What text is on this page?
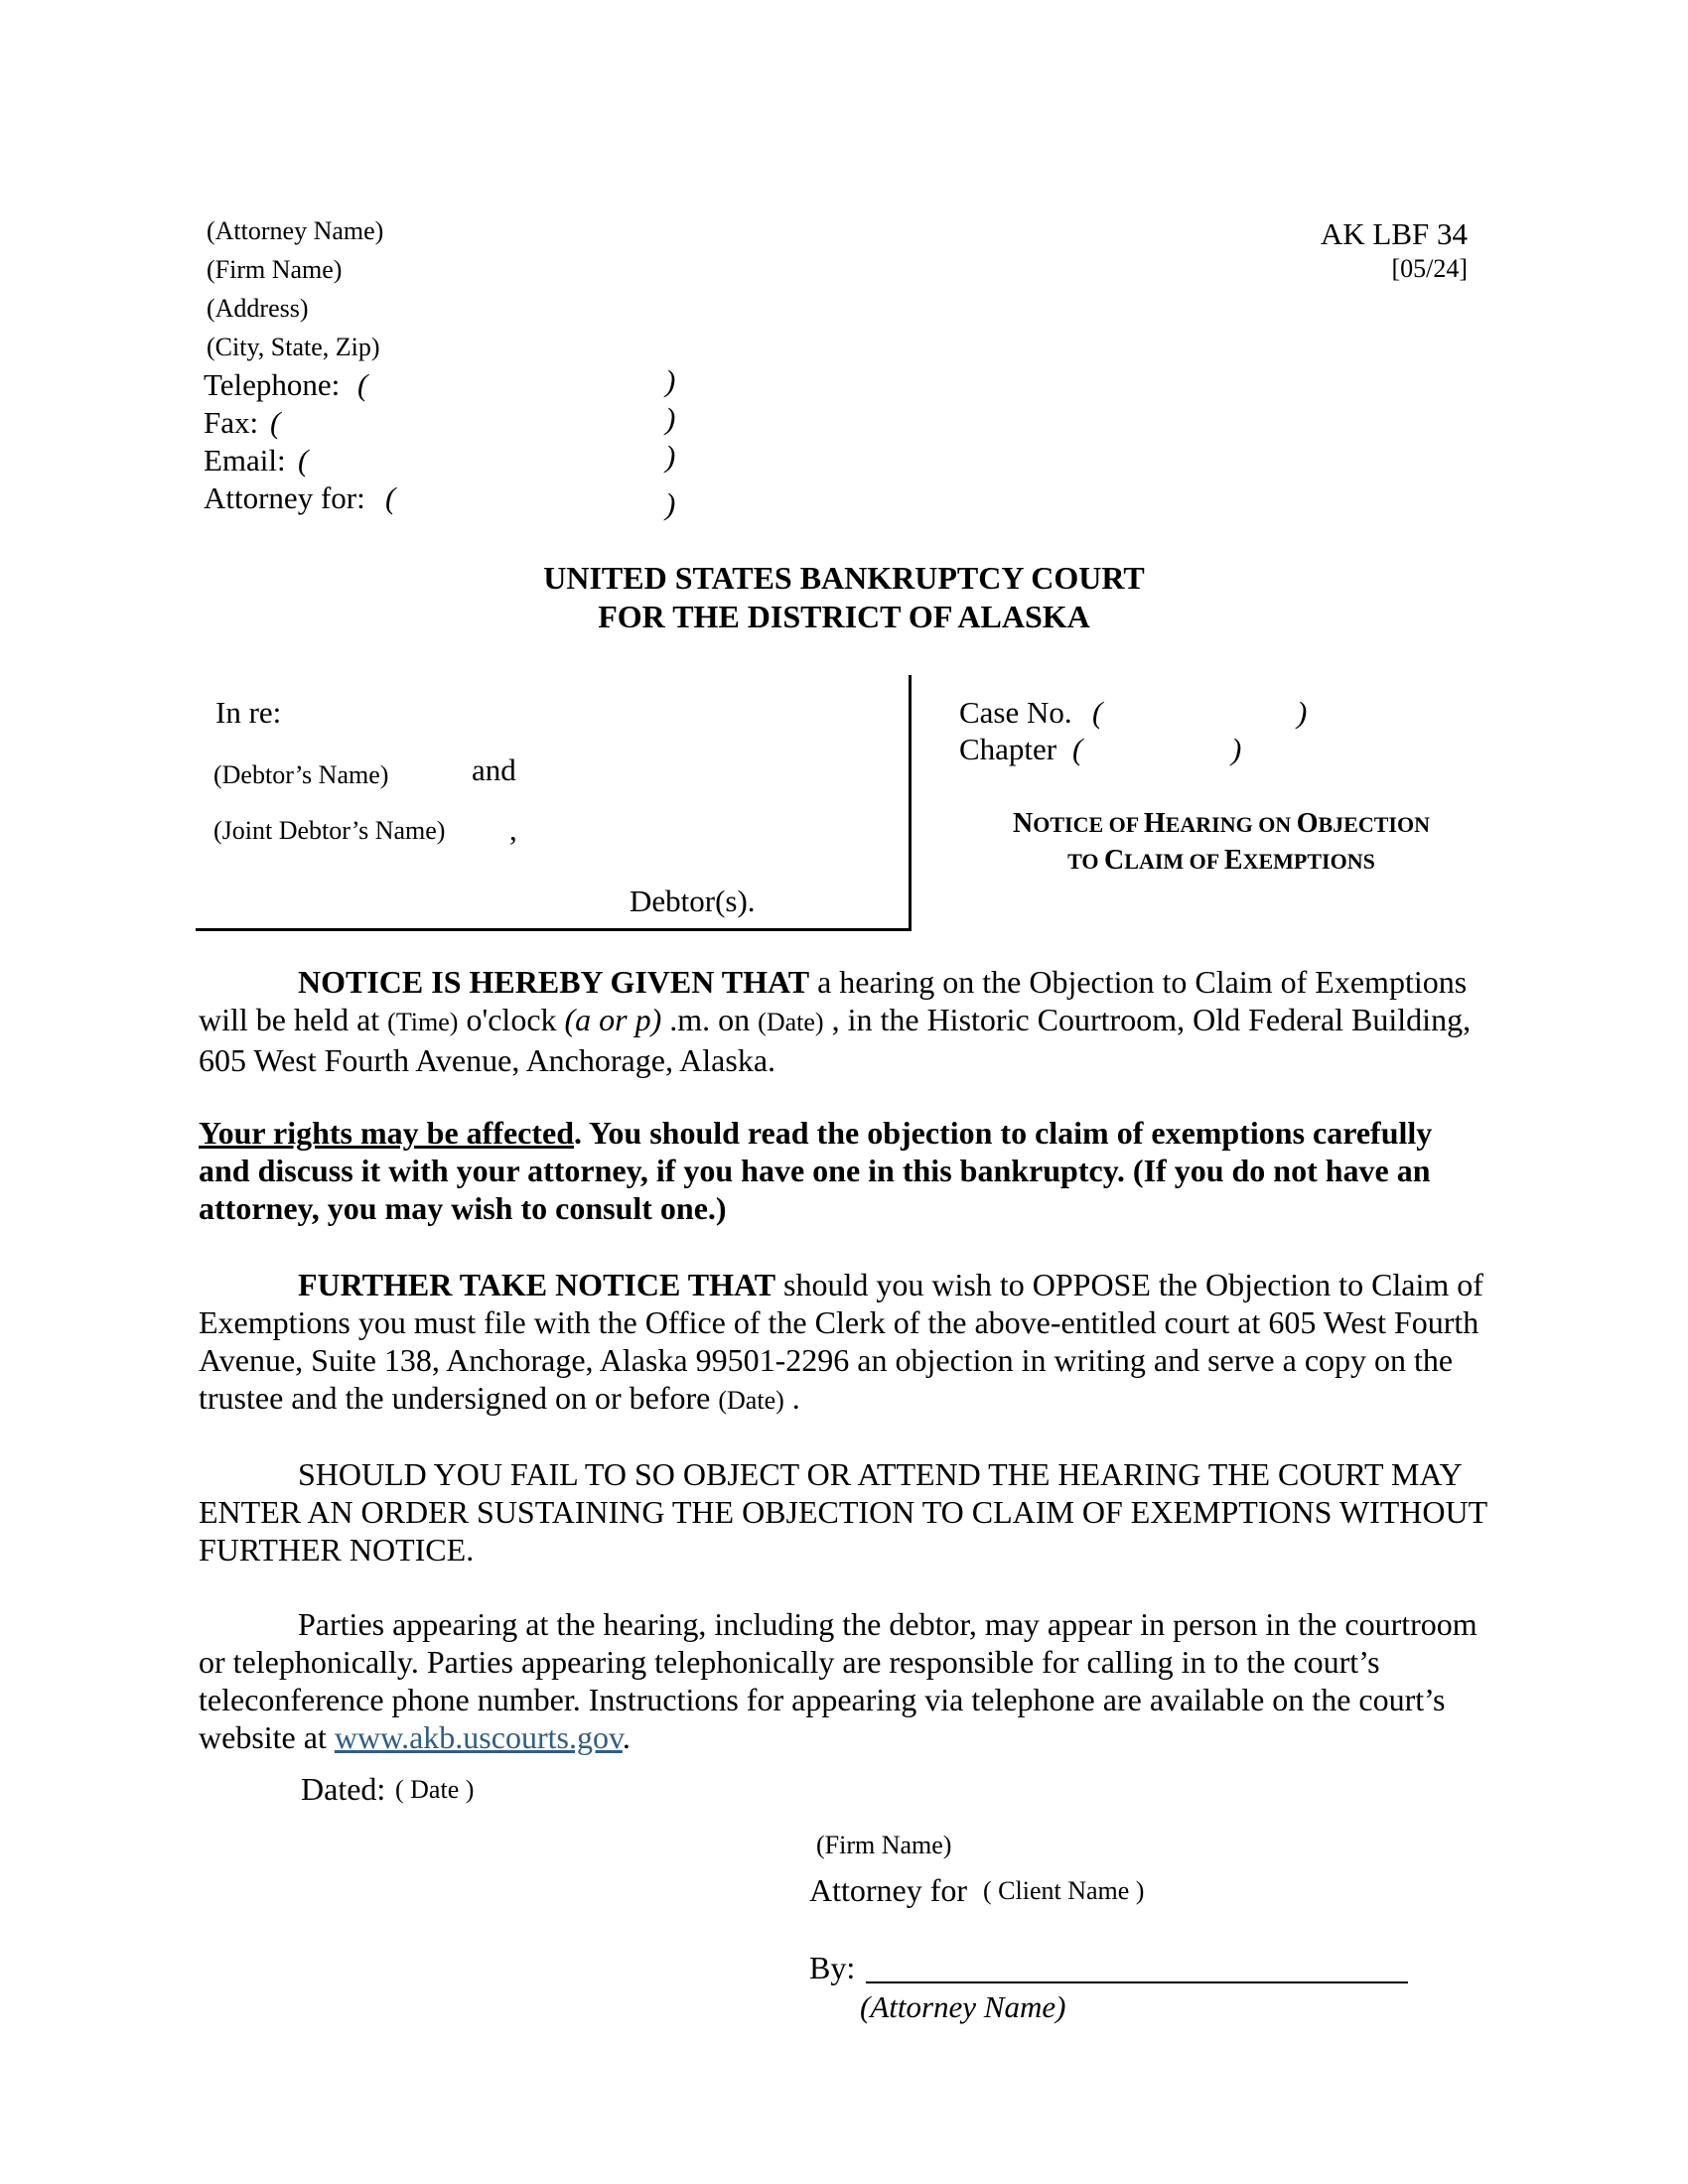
(Attorney Name)
(Firm Name)
(Address)
(City, State, Zip)
Telephone: (	)
Fax: (	)
Email: (	)
Attorney for: (	)
AK LBF 34
[05/24]
UNITED STATES BANKRUPTCY COURT
FOR THE DISTRICT OF ALASKA
In re:
(Debtor’s Name)	and
(Joint Debtor’s Name) ,
Debtor(s).
Case No. (	)
Chapter (	)
NOTICE OF HEARING ON OBJECTION
TO CLAIM OF EXEMPTIONS
NOTICE IS HEREBY GIVEN THAT a hearing on the Objection to Claim of Exemptions will be held at (Time) o'clock (a or p) .m. on (Date) , in the Historic Courtroom, Old Federal Building, 605 West Fourth Avenue, Anchorage, Alaska.
Your rights may be affected. You should read the objection to claim of exemptions carefully and discuss it with your attorney, if you have one in this bankruptcy. (If you do not have an attorney, you may wish to consult one.)
FURTHER TAKE NOTICE THAT should you wish to OPPOSE the Objection to Claim of Exemptions you must file with the Office of the Clerk of the above-entitled court at 605 West Fourth Avenue, Suite 138, Anchorage, Alaska 99501-2296 an objection in writing and serve a copy on the trustee and the undersigned on or before (Date) .
SHOULD YOU FAIL TO SO OBJECT OR ATTEND THE HEARING THE COURT MAY ENTER AN ORDER SUSTAINING THE OBJECTION TO CLAIM OF EXEMPTIONS WITHOUT FURTHER NOTICE.
Parties appearing at the hearing, including the debtor, may appear in person in the courtroom or telephonically. Parties appearing telephonically are responsible for calling in to the court’s teleconference phone number. Instructions for appearing via telephone are available on the court’s website at www.akb.uscourts.gov.
Dated: ( Date )
(Firm Name)
Attorney for ( Client Name )
By:
(Attorney Name)
